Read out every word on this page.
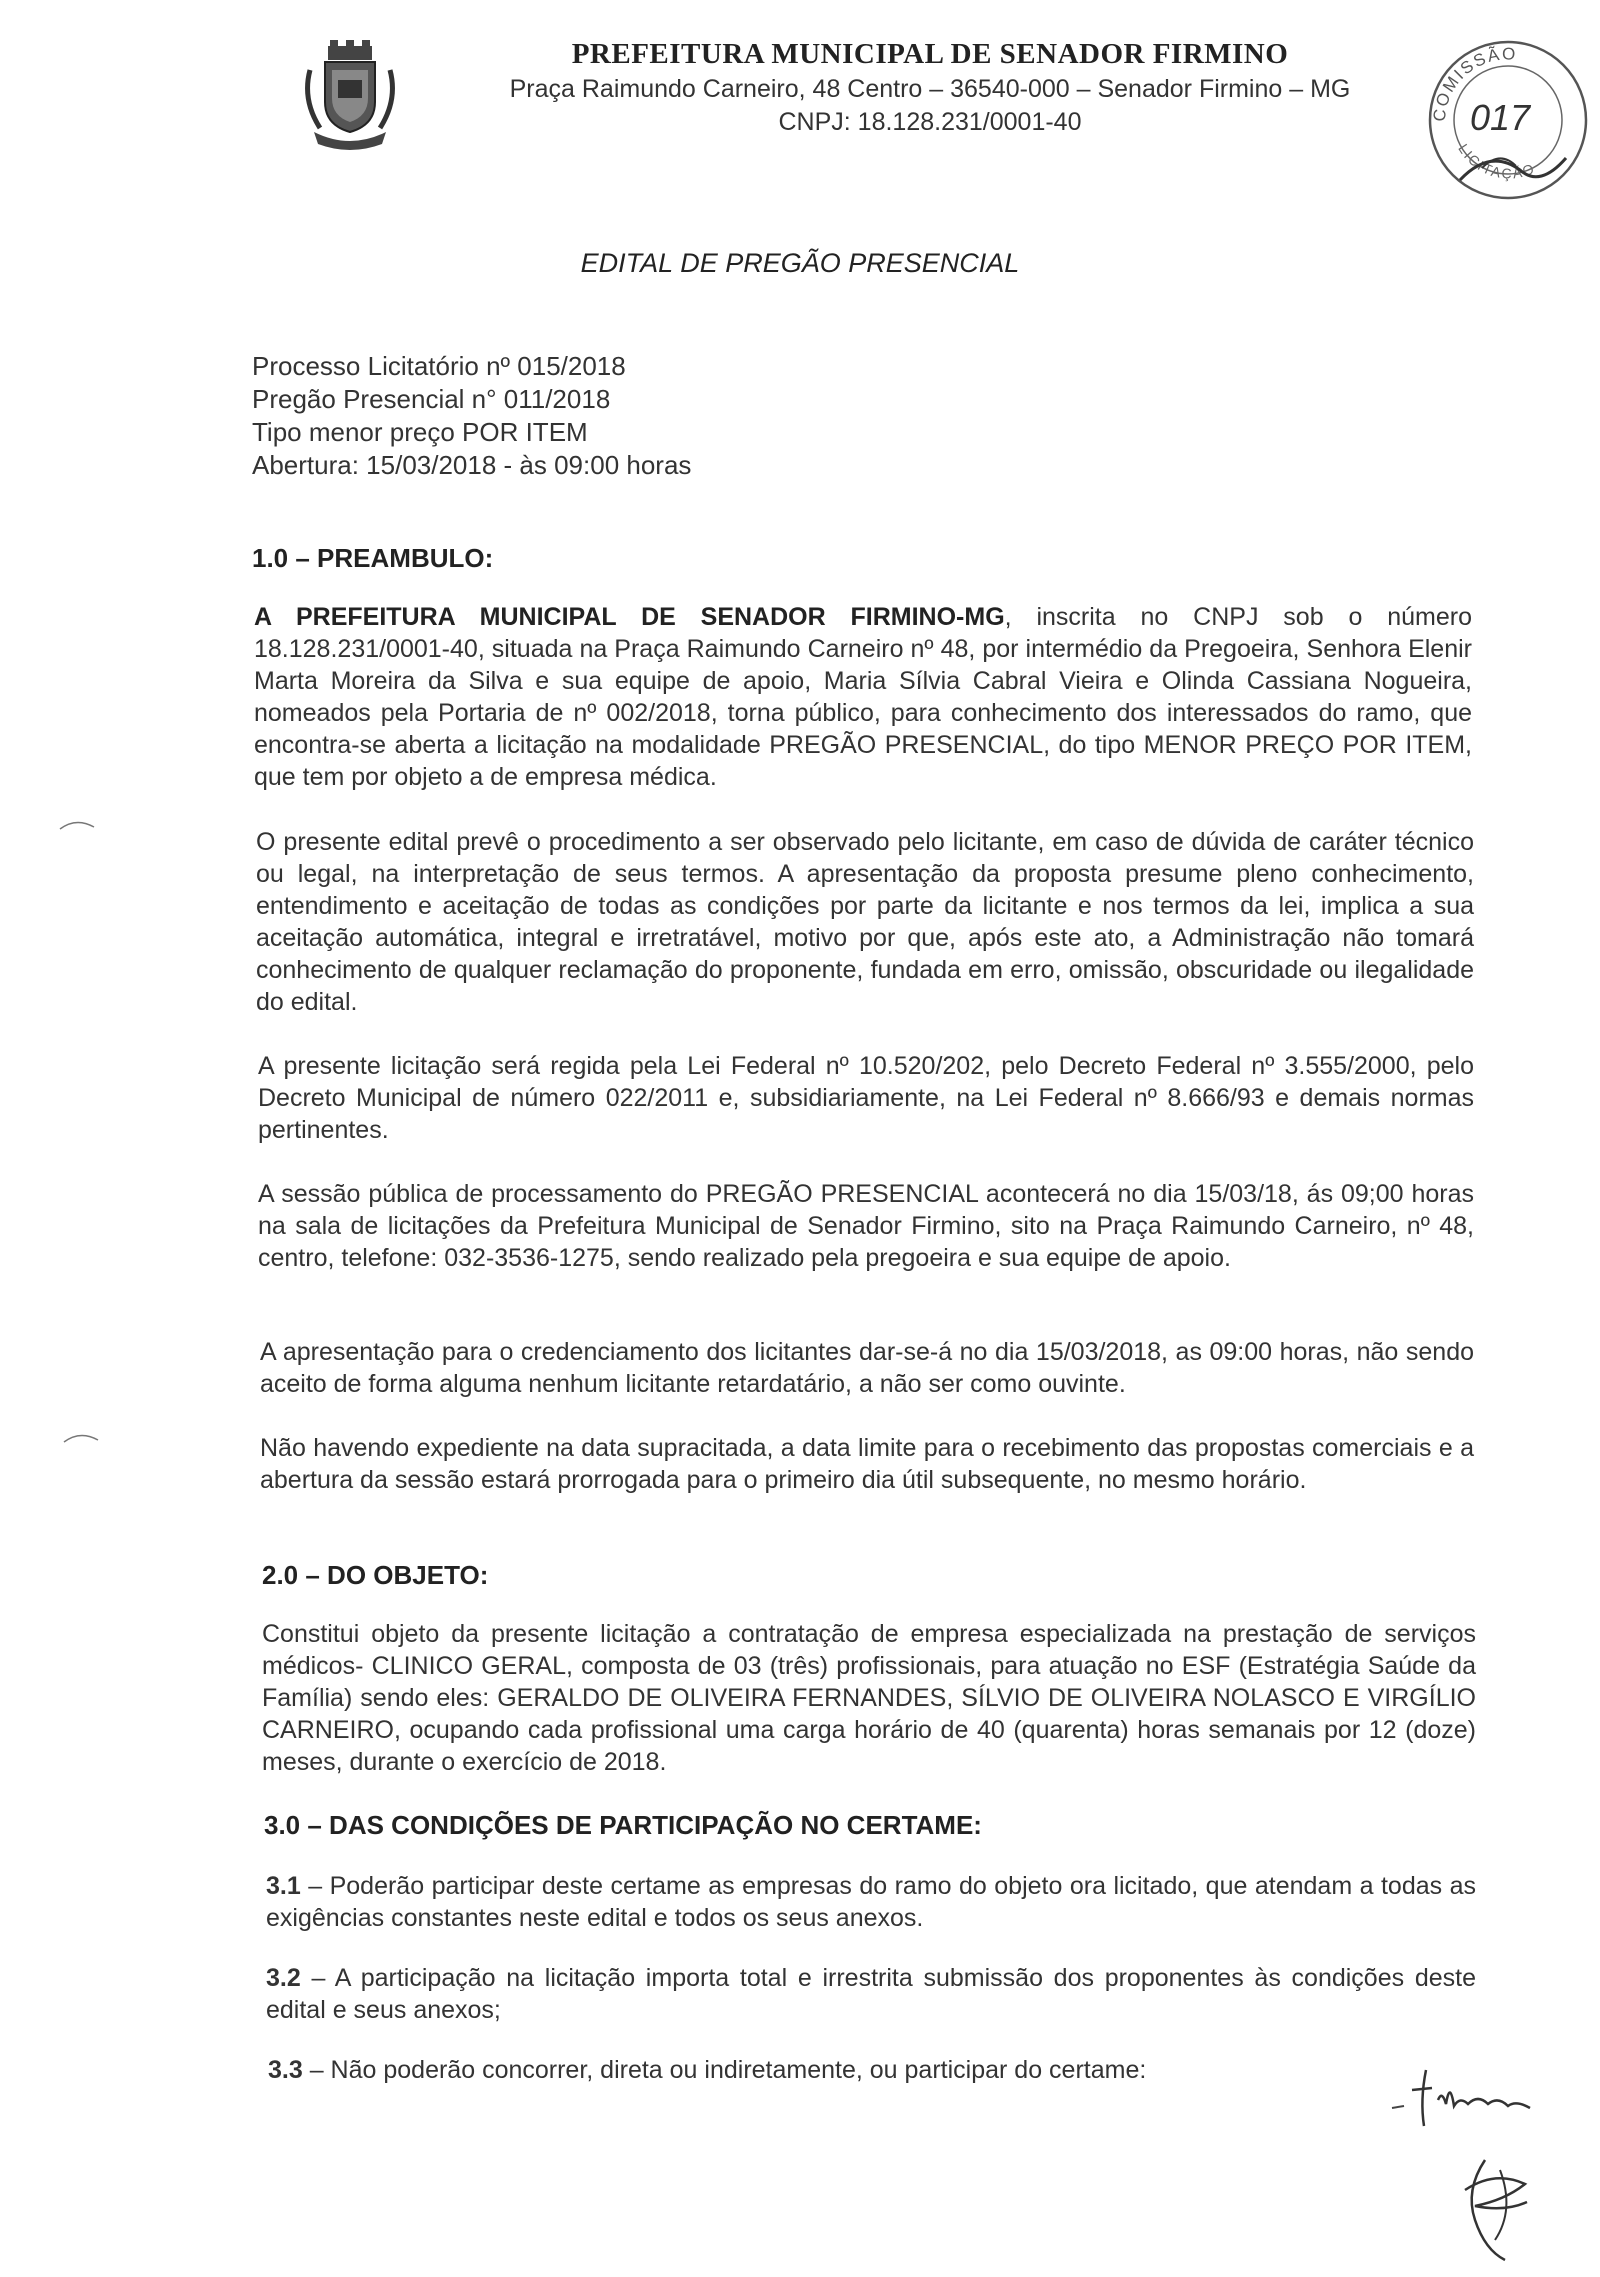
PREFEITURA MUNICIPAL DE SENADOR FIRMINO
Praça Raimundo Carneiro, 48 Centro – 36540-000 – Senador Firmino – MG
CNPJ: 18.128.231/0001-40	COMISSÃO
LICITAÇÃO
017
EDITAL DE PREGÃO PRESENCIAL
Processo Licitatório nº 015/2018
Pregão Presencial n° 011/2018
Tipo menor preço POR ITEM
Abertura: 15/03/2018 - às 09:00 horas
1.0 – PREAMBULO:
A PREFEITURA MUNICIPAL DE SENADOR FIRMINO-MG, inscrita no CNPJ sob o número 18.128.231/0001-40, situada na Praça Raimundo Carneiro nº 48, por intermédio da Pregoeira, Senhora Elenir Marta Moreira da Silva e sua equipe de apoio, Maria Sílvia Cabral Vieira e Olinda Cassiana Nogueira, nomeados pela Portaria de nº 002/2018, torna público, para conhecimento dos interessados do ramo, que encontra-se aberta a licitação na modalidade PREGÃO PRESENCIAL, do tipo MENOR PREÇO POR ITEM, que tem por objeto a de empresa médica.
O presente edital prevê o procedimento a ser observado pelo licitante, em caso de dúvida de caráter técnico ou legal, na interpretação de seus termos. A apresentação da proposta presume pleno conhecimento, entendimento e aceitação de todas as condições por parte da licitante e nos termos da lei, implica a sua aceitação automática, integral e irretratável, motivo por que, após este ato, a Administração não tomará conhecimento de qualquer reclamação do proponente, fundada em erro, omissão, obscuridade ou ilegalidade do edital.
A presente licitação será regida pela Lei Federal nº 10.520/202, pelo Decreto Federal nº 3.555/2000, pelo Decreto Municipal de número 022/2011 e, subsidiariamente, na Lei Federal nº 8.666/93 e demais normas pertinentes.
A sessão pública de processamento do PREGÃO PRESENCIAL acontecerá no dia 15/03/18, ás 09;00 horas na sala de licitações da Prefeitura Municipal de Senador Firmino, sito na Praça Raimundo Carneiro, nº 48, centro, telefone: 032-3536-1275, sendo realizado pela pregoeira e sua equipe de apoio.
A apresentação para o credenciamento dos licitantes dar-se-á no dia 15/03/2018, as 09:00 horas, não sendo aceito de forma alguma nenhum licitante retardatário, a não ser como ouvinte.
Não havendo expediente na data supracitada, a data limite para o recebimento das propostas comerciais e a abertura da sessão estará prorrogada para o primeiro dia útil subsequente, no mesmo horário.
2.0 – DO OBJETO:
Constitui objeto da presente licitação a contratação de empresa especializada na prestação de serviços médicos- CLINICO GERAL, composta de 03 (três) profissionais, para atuação no ESF (Estratégia Saúde da Família) sendo eles: GERALDO DE OLIVEIRA FERNANDES, SÍLVIO DE OLIVEIRA NOLASCO E VIRGÍLIO CARNEIRO, ocupando cada profissional uma carga horário de 40 (quarenta) horas semanais por 12 (doze) meses, durante o exercício de 2018.
3.0 – DAS CONDIÇÕES DE PARTICIPAÇÃO NO CERTAME:
3.1 – Poderão participar deste certame as empresas do ramo do objeto ora licitado, que atendam a todas as exigências constantes neste edital e todos os seus anexos.
3.2 – A participação na licitação importa total e irrestrita submissão dos proponentes às condições deste edital e seus anexos;
3.3 – Não poderão concorrer, direta ou indiretamente, ou participar do certame:
